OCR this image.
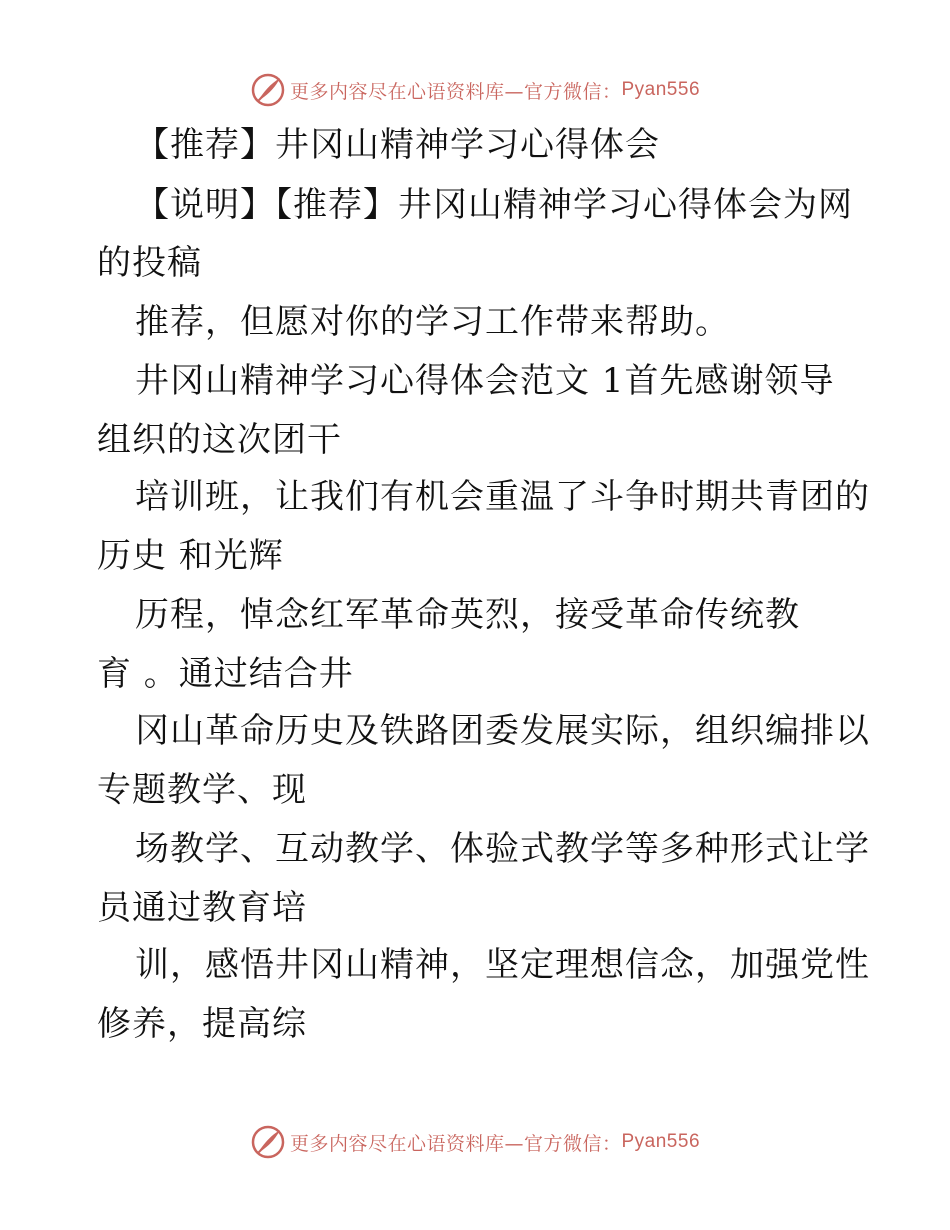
更多内容尽在心语资料库—官方微信： Pyan556
【推荐】井冈山精神学习心得体会
【说明】【推荐】井冈山精神学习心得体会为网
的投稿
推荐，但愿对你的学习工作带来帮助。
井冈山精神学习心得体会范文 1首先感谢领导
组织的这次团干
培训班，让我们有机会重温了斗争时期共青团的
历史 和光辉
历程，悼念红军革命英烈，接受革命传统教
育 。通过结合井
冈山革命历史及铁路团委发展实际，组织编排以
专题教学、现
场教学、互动教学、体验式教学等多种形式让学
员通过教育培
训，感悟井冈山精神，坚定理想信念，加强党性
修养，提高综
更多内容尽在心语资料库—官方微信： Pyan556
